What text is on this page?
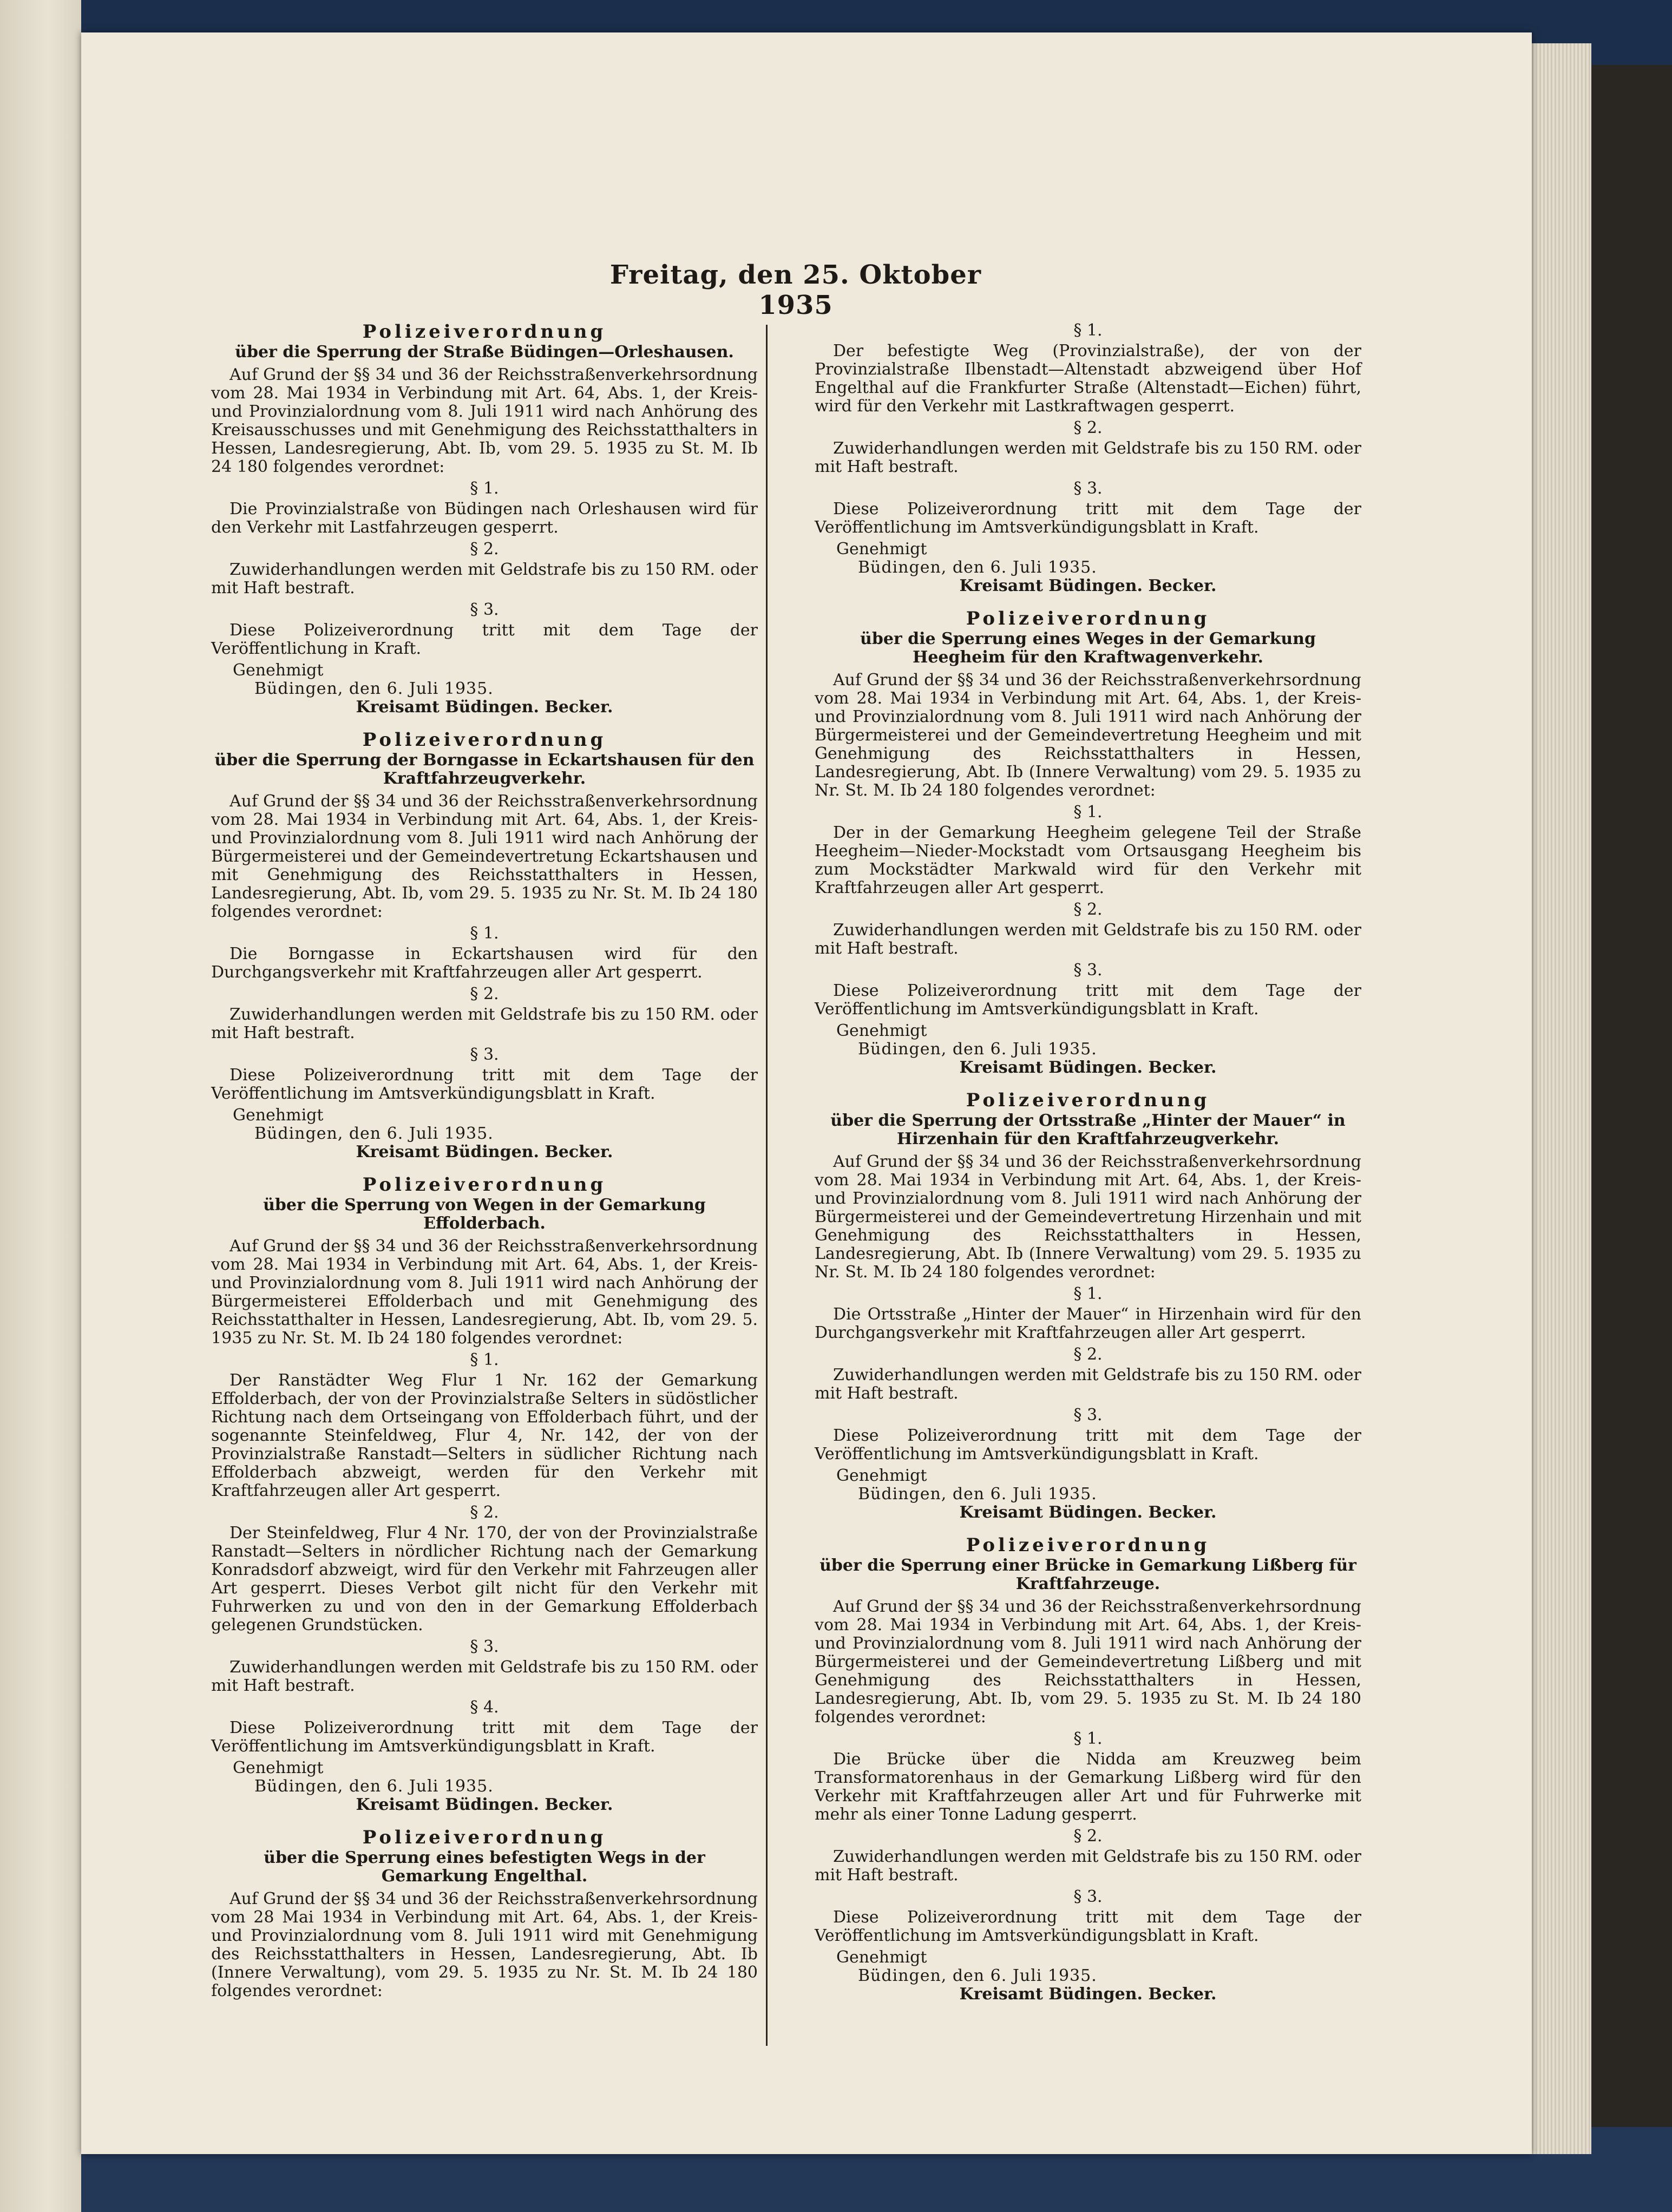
Freitag, den 25. Oktober 1935
Polizeiverordnung
über die Sperrung der Straße Büdingen—Orleshausen.
Auf Grund der §§ 34 und 36 der Reichsstraßenverkehrsordnung vom 28. Mai 1934 in Verbindung mit Art. 64, Abs. 1, der Kreis- und Provinzialordnung vom 8. Juli 1911 wird nach Anhörung des Kreisausschusses und mit Genehmigung des Reichsstatthalters in Hessen, Landesregierung, Abt. Ib, vom 29. 5. 1935 zu St. M. Ib 24 180 folgendes verordnet:
§ 1.
Die Provinzialstraße von Büdingen nach Orleshausen wird für den Verkehr mit Lastfahrzeugen gesperrt.
§ 2.
Zuwiderhandlungen werden mit Geldstrafe bis zu 150 RM. oder mit Haft bestraft.
§ 3.
Diese Polizeiverordnung tritt mit dem Tage der Veröffentlichung in Kraft.
Genehmigt
Büdingen, den 6. Juli 1935.
Kreisamt Büdingen. Becker.
Polizeiverordnung
über die Sperrung der Borngasse in Eckartshausen für den Kraftfahrzeugverkehr.
Auf Grund der §§ 34 und 36 der Reichsstraßenverkehrsordnung vom 28. Mai 1934 in Verbindung mit Art. 64, Abs. 1, der Kreis- und Provinzialordnung vom 8. Juli 1911 wird nach Anhörung der Bürgermeisterei und der Gemeindevertretung Eckartshausen und mit Genehmigung des Reichsstatthalters in Hessen, Landesregierung, Abt. Ib, vom 29. 5. 1935 zu Nr. St. M. Ib 24 180 folgendes verordnet:
§ 1.
Die Borngasse in Eckartshausen wird für den Durchgangsverkehr mit Kraftfahrzeugen aller Art gesperrt.
§ 2.
Zuwiderhandlungen werden mit Geldstrafe bis zu 150 RM. oder mit Haft bestraft.
§ 3.
Diese Polizeiverordnung tritt mit dem Tage der Veröffentlichung im Amtsverkündigungsblatt in Kraft.
Genehmigt
Büdingen, den 6. Juli 1935.
Kreisamt Büdingen. Becker.
Polizeiverordnung
über die Sperrung von Wegen in der Gemarkung Effolderbach.
Auf Grund der §§ 34 und 36 der Reichsstraßenverkehrsordnung vom 28. Mai 1934 in Verbindung mit Art. 64, Abs. 1, der Kreis- und Provinzialordnung vom 8. Juli 1911 wird nach Anhörung der Bürgermeisterei Effolderbach und mit Genehmigung des Reichsstatthalter in Hessen, Landesregierung, Abt. Ib, vom 29. 5. 1935 zu Nr. St. M. Ib 24 180 folgendes verordnet:
§ 1.
Der Ranstädter Weg Flur 1 Nr. 162 der Gemarkung Effolderbach, der von der Provinzialstraße Selters in südöstlicher Richtung nach dem Ortseingang von Effolderbach führt, und der sogenannte Steinfeldweg, Flur 4, Nr. 142, der von der Provinzialstraße Ranstadt—Selters in südlicher Richtung nach Effolderbach abzweigt, werden für den Verkehr mit Kraftfahrzeugen aller Art gesperrt.
§ 2.
Der Steinfeldweg, Flur 4 Nr. 170, der von der Provinzialstraße Ranstadt—Selters in nördlicher Richtung nach der Gemarkung Konradsdorf abzweigt, wird für den Verkehr mit Fahrzeugen aller Art gesperrt. Dieses Verbot gilt nicht für den Verkehr mit Fuhrwerken zu und von den in der Gemarkung Effolderbach gelegenen Grundstücken.
§ 3.
Zuwiderhandlungen werden mit Geldstrafe bis zu 150 RM. oder mit Haft bestraft.
§ 4.
Diese Polizeiverordnung tritt mit dem Tage der Veröffentlichung im Amtsverkündigungsblatt in Kraft.
Genehmigt
Büdingen, den 6. Juli 1935.
Kreisamt Büdingen. Becker.
Polizeiverordnung
über die Sperrung eines befestigten Wegs in der Gemarkung Engelthal.
Auf Grund der §§ 34 und 36 der Reichsstraßenverkehrsordnung vom 28 Mai 1934 in Verbindung mit Art. 64, Abs. 1, der Kreis- und Provinzialordnung vom 8. Juli 1911 wird mit Genehmigung des Reichsstatthalters in Hessen, Landesregierung, Abt. Ib (Innere Verwaltung), vom 29. 5. 1935 zu Nr. St. M. Ib 24 180 folgendes verordnet:
§ 1.
Der befestigte Weg (Provinzialstraße), der von der Provinzialstraße Ilbenstadt—Altenstadt abzweigend über Hof Engelthal auf die Frankfurter Straße (Altenstadt—Eichen) führt, wird für den Verkehr mit Lastkraftwagen gesperrt.
§ 2.
Zuwiderhandlungen werden mit Geldstrafe bis zu 150 RM. oder mit Haft bestraft.
§ 3.
Diese Polizeiverordnung tritt mit dem Tage der Veröffentlichung im Amtsverkündigungsblatt in Kraft.
Genehmigt
Büdingen, den 6. Juli 1935.
Kreisamt Büdingen. Becker.
Polizeiverordnung
über die Sperrung eines Weges in der Gemarkung Heegheim für den Kraftwagenverkehr.
Auf Grund der §§ 34 und 36 der Reichsstraßenverkehrsordnung vom 28. Mai 1934 in Verbindung mit Art. 64, Abs. 1, der Kreis- und Provinzialordnung vom 8. Juli 1911 wird nach Anhörung der Bürgermeisterei und der Gemeindevertretung Heegheim und mit Genehmigung des Reichsstatthalters in Hessen, Landesregierung, Abt. Ib (Innere Verwaltung) vom 29. 5. 1935 zu Nr. St. M. Ib 24 180 folgendes verordnet:
§ 1.
Der in der Gemarkung Heegheim gelegene Teil der Straße Heegheim—Nieder-Mockstadt vom Ortsausgang Heegheim bis zum Mockstädter Markwald wird für den Verkehr mit Kraftfahrzeugen aller Art gesperrt.
§ 2.
Zuwiderhandlungen werden mit Geldstrafe bis zu 150 RM. oder mit Haft bestraft.
§ 3.
Diese Polizeiverordnung tritt mit dem Tage der Veröffentlichung im Amtsverkündigungsblatt in Kraft.
Genehmigt
Büdingen, den 6. Juli 1935.
Kreisamt Büdingen. Becker.
Polizeiverordnung
über die Sperrung der Ortsstraße „Hinter der Mauer“ in Hirzenhain für den Kraftfahrzeugverkehr.
Auf Grund der §§ 34 und 36 der Reichsstraßenverkehrsordnung vom 28. Mai 1934 in Verbindung mit Art. 64, Abs. 1, der Kreis- und Provinzialordnung vom 8. Juli 1911 wird nach Anhörung der Bürgermeisterei und der Gemeindevertretung Hirzenhain und mit Genehmigung des Reichsstatthalters in Hessen, Landesregierung, Abt. Ib (Innere Verwaltung) vom 29. 5. 1935 zu Nr. St. M. Ib 24 180 folgendes verordnet:
§ 1.
Die Ortsstraße „Hinter der Mauer“ in Hirzenhain wird für den Durchgangsverkehr mit Kraftfahrzeugen aller Art gesperrt.
§ 2.
Zuwiderhandlungen werden mit Geldstrafe bis zu 150 RM. oder mit Haft bestraft.
§ 3.
Diese Polizeiverordnung tritt mit dem Tage der Veröffentlichung im Amtsverkündigungsblatt in Kraft.
Genehmigt
Büdingen, den 6. Juli 1935.
Kreisamt Büdingen. Becker.
Polizeiverordnung
über die Sperrung einer Brücke in Gemarkung Lißberg für Kraftfahrzeuge.
Auf Grund der §§ 34 und 36 der Reichsstraßenverkehrsordnung vom 28. Mai 1934 in Verbindung mit Art. 64, Abs. 1, der Kreis- und Provinzialordnung vom 8. Juli 1911 wird nach Anhörung der Bürgermeisterei und der Gemeindevertretung Lißberg und mit Genehmigung des Reichsstatthalters in Hessen, Landesregierung, Abt. Ib, vom 29. 5. 1935 zu St. M. Ib 24 180 folgendes verordnet:
§ 1.
Die Brücke über die Nidda am Kreuzweg beim Transformatorenhaus in der Gemarkung Lißberg wird für den Verkehr mit Kraftfahrzeugen aller Art und für Fuhrwerke mit mehr als einer Tonne Ladung gesperrt.
§ 2.
Zuwiderhandlungen werden mit Geldstrafe bis zu 150 RM. oder mit Haft bestraft.
§ 3.
Diese Polizeiverordnung tritt mit dem Tage der Veröffentlichung im Amtsverkündigungsblatt in Kraft.
Genehmigt
Büdingen, den 6. Juli 1935.
Kreisamt Büdingen. Becker.
